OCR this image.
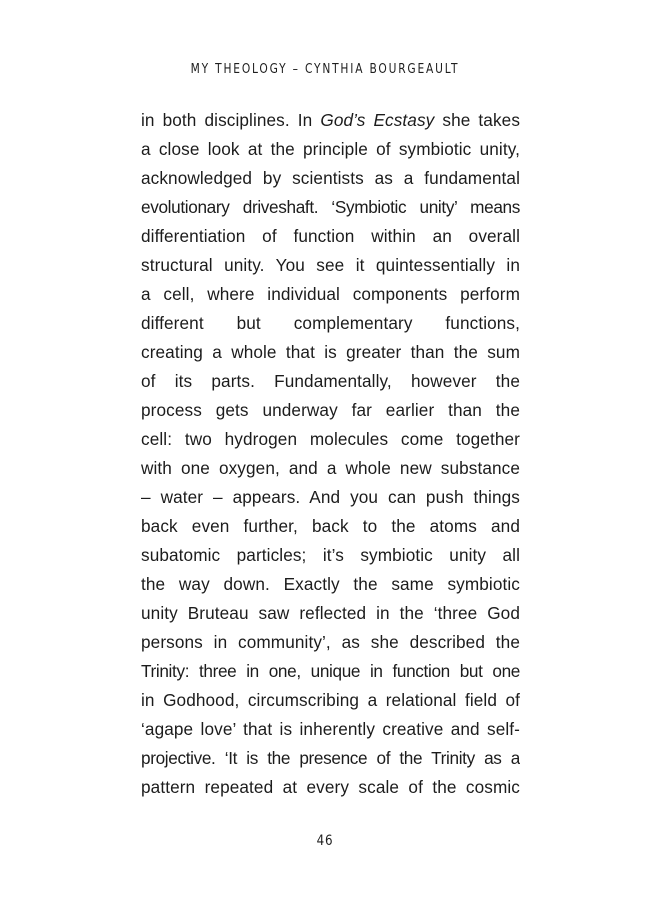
MY THEOLOGY – CYNTHIA BOURGEAULT
in both disciplines. In God’s Ecstasy she takes
a close look at the principle of symbiotic unity,
acknowledged by scientists as a fundamental
evolutionary driveshaft. ‘Symbiotic unity’ means
differentiation of function within an overall
structural unity. You see it quintessentially in
a cell, where individual components perform
different but complementary functions,
creating a whole that is greater than the sum
of its parts. Fundamentally, however the
process gets underway far earlier than the
cell: two hydrogen molecules come together
with one oxygen, and a whole new substance
– water – appears. And you can push things
back even further, back to the atoms and
subatomic particles; it’s symbiotic unity all
the way down. Exactly the same symbiotic
unity Bruteau saw reflected in the ‘three God
persons in community’, as she described the
Trinity: three in one, unique in function but one
in Godhood, circumscribing a relational field of
‘agape love’ that is inherently creative and self-
projective. ‘It is the presence of the Trinity as a
pattern repeated at every scale of the cosmic
46
